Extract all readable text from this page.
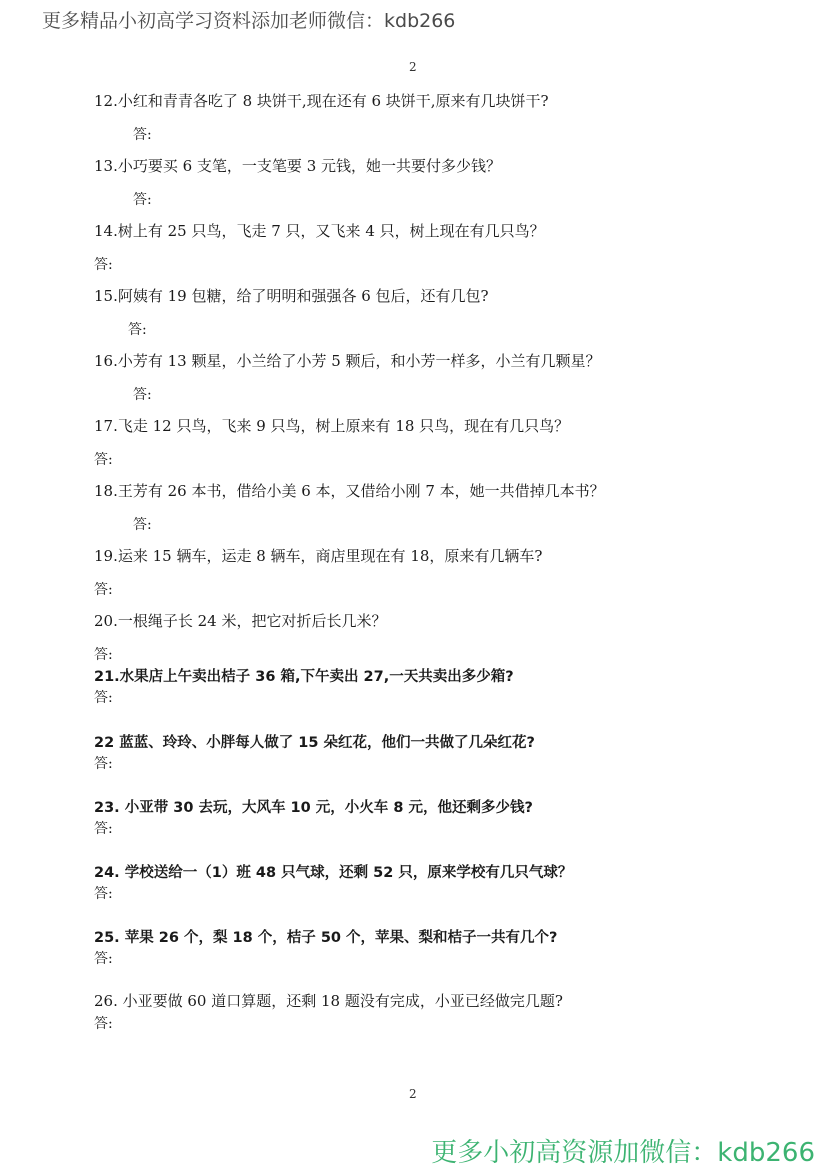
更多精品小初高学习资料添加老师微信：kdb266
2
12.小红和青青各吃了 8 块饼干,现在还有 6 块饼干,原来有几块饼干?
答:
13.小巧要买 6 支笔，一支笔要 3 元钱，她一共要付多少钱？
答:
14.树上有 25 只鸟，飞走 7 只，又飞来 4 只，树上现在有几只鸟？
答:
15.阿姨有 19 包糖，给了明明和强强各 6 包后，还有几包?
答:
16.小芳有 13 颗星，小兰给了小芳 5 颗后，和小芳一样多，小兰有几颗星？
答:
17.飞走 12 只鸟，飞来 9 只鸟，树上原来有 18 只鸟，现在有几只鸟？
答:
18.王芳有 26 本书，借给小美 6 本，又借给小刚 7 本，她一共借掉几本书？
答:
19.运来 15 辆车，运走 8 辆车，商店里现在有 18，原来有几辆车?
答:
20.一根绳子长 24 米，把它对折后长几米？
答:
21.水果店上午卖出桔子 36 箱,下午卖出 27,一天共卖出多少箱?
答:
22 蓝蓝、玲玲、小胖每人做了 15 朵红花，他们一共做了几朵红花?
答:
23. 小亚带 30 去玩，大风车 10 元，小火车 8 元，他还剩多少钱?
答:
24. 学校送给一（1）班 48 只气球，还剩 52 只，原来学校有几只气球？
答:
25. 苹果 26 个，梨 18 个，桔子 50 个，苹果、梨和桔子一共有几个?
答:
26. 小亚要做 60 道口算题，还剩 18 题没有完成，小亚已经做完几题?
答:
2
更多小初高资源加微信：kdb266
